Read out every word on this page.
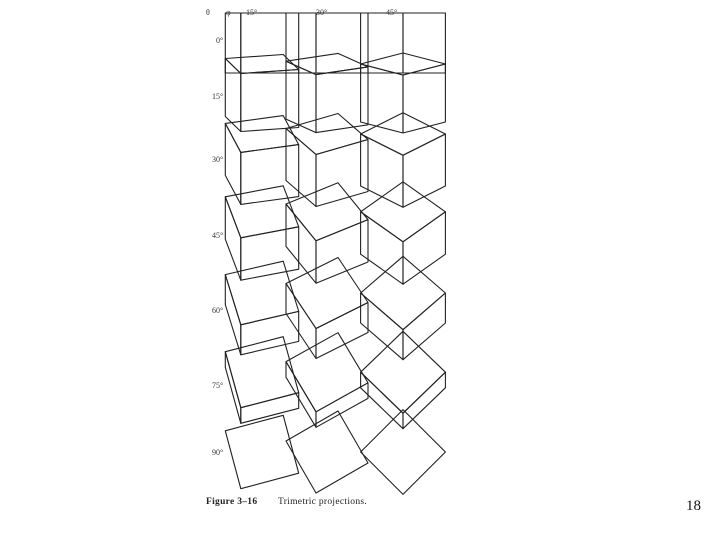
θ φ 15°	30°	45°
0°
15°
30°
45°
60°
75°
90°
Figure 3–16 Trimetric projections.	18
